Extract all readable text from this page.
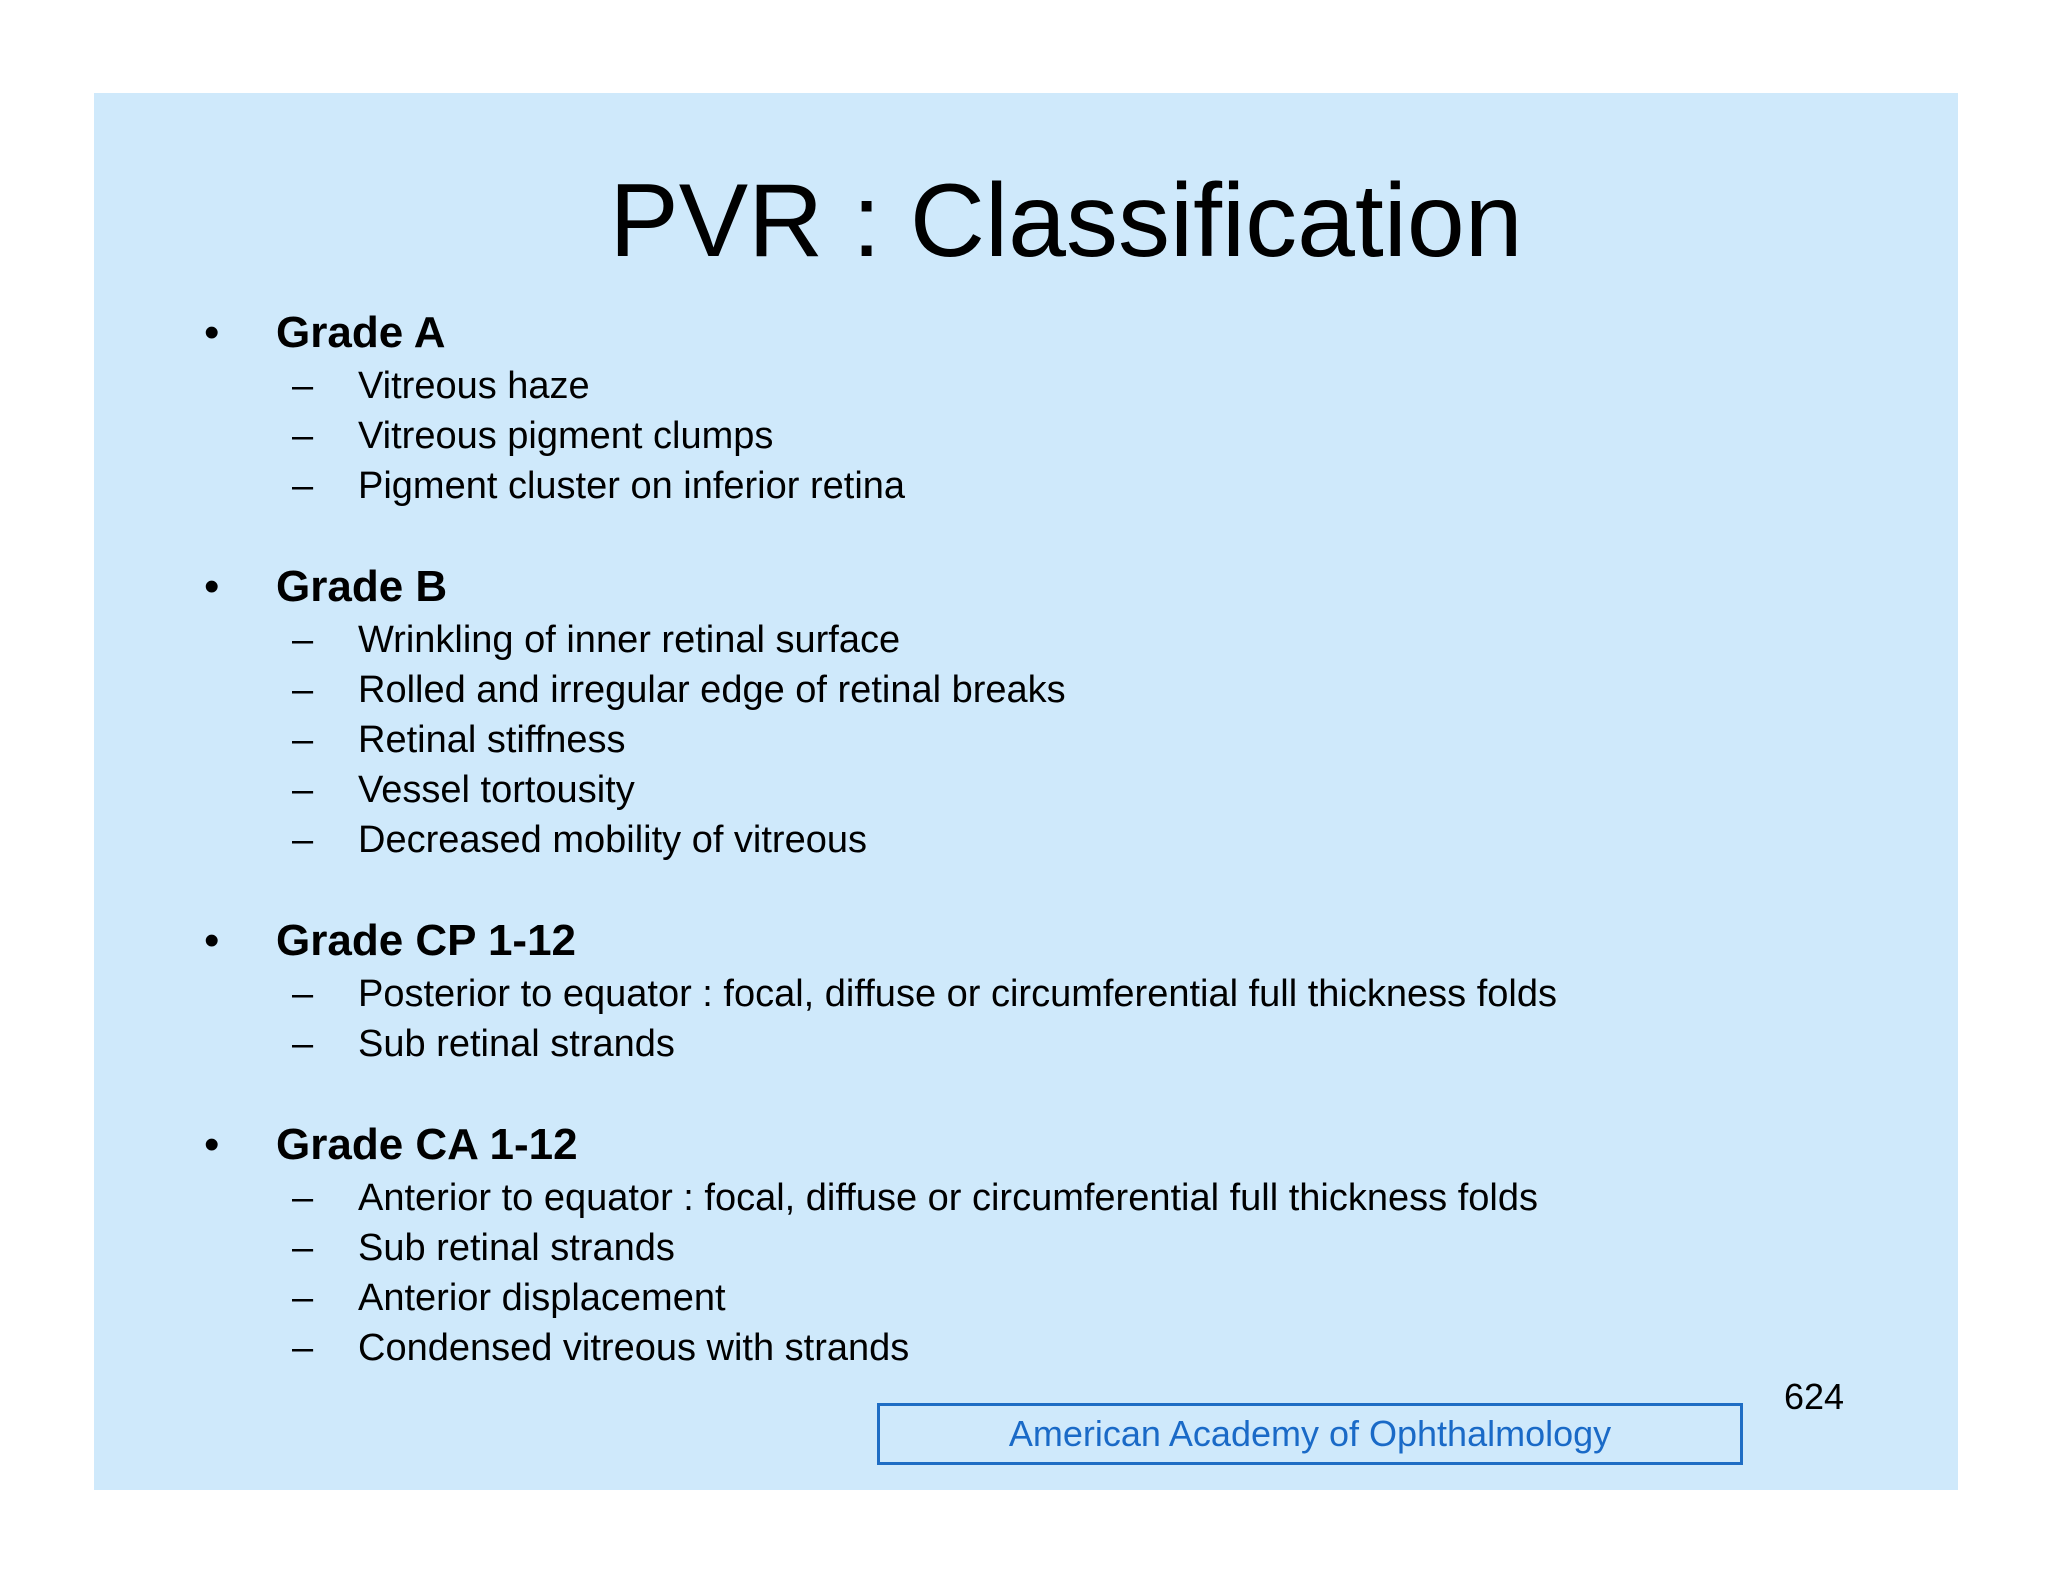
PVR : Classification
•	Grade A
– Vitreous haze
– Vitreous pigment clumps
– Pigment cluster on inferior retina
•	Grade B
– Wrinkling of inner retinal surface
– Rolled and irregular edge of retinal breaks
– Retinal stiffness
– Vessel tortousity
– Decreased mobility of vitreous
•	Grade CP 1-12
– Posterior to equator : focal, diffuse or circumferential full thickness folds
– Sub retinal strands
•	Grade CA 1-12
– Anterior to equator : focal, diffuse or circumferential full thickness folds
– Sub retinal strands
– Anterior displacement
– Condensed vitreous with strands
624
American Academy of Ophthalmology
